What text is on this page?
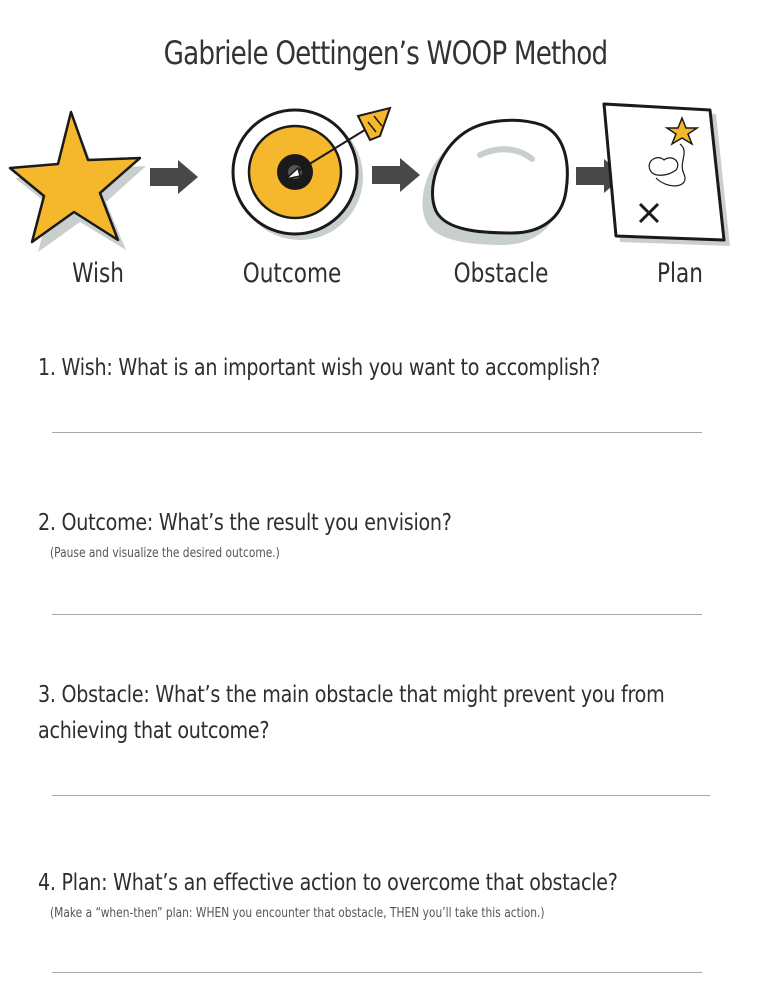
Gabriele Oettingen’s WOOP Method
Wish	Outcome	Obstacle	Plan
1. Wish: What is an important wish you want to accomplish?
2. Outcome: What’s the result you envision?
(Pause and visualize the desired outcome.)
3. Obstacle: What’s the main obstacle that might prevent you from achieving that outcome?
4. Plan: What’s an effective action to overcome that obstacle?
(Make a “when-then” plan: WHEN you encounter that obstacle, THEN you’ll take this action.)
